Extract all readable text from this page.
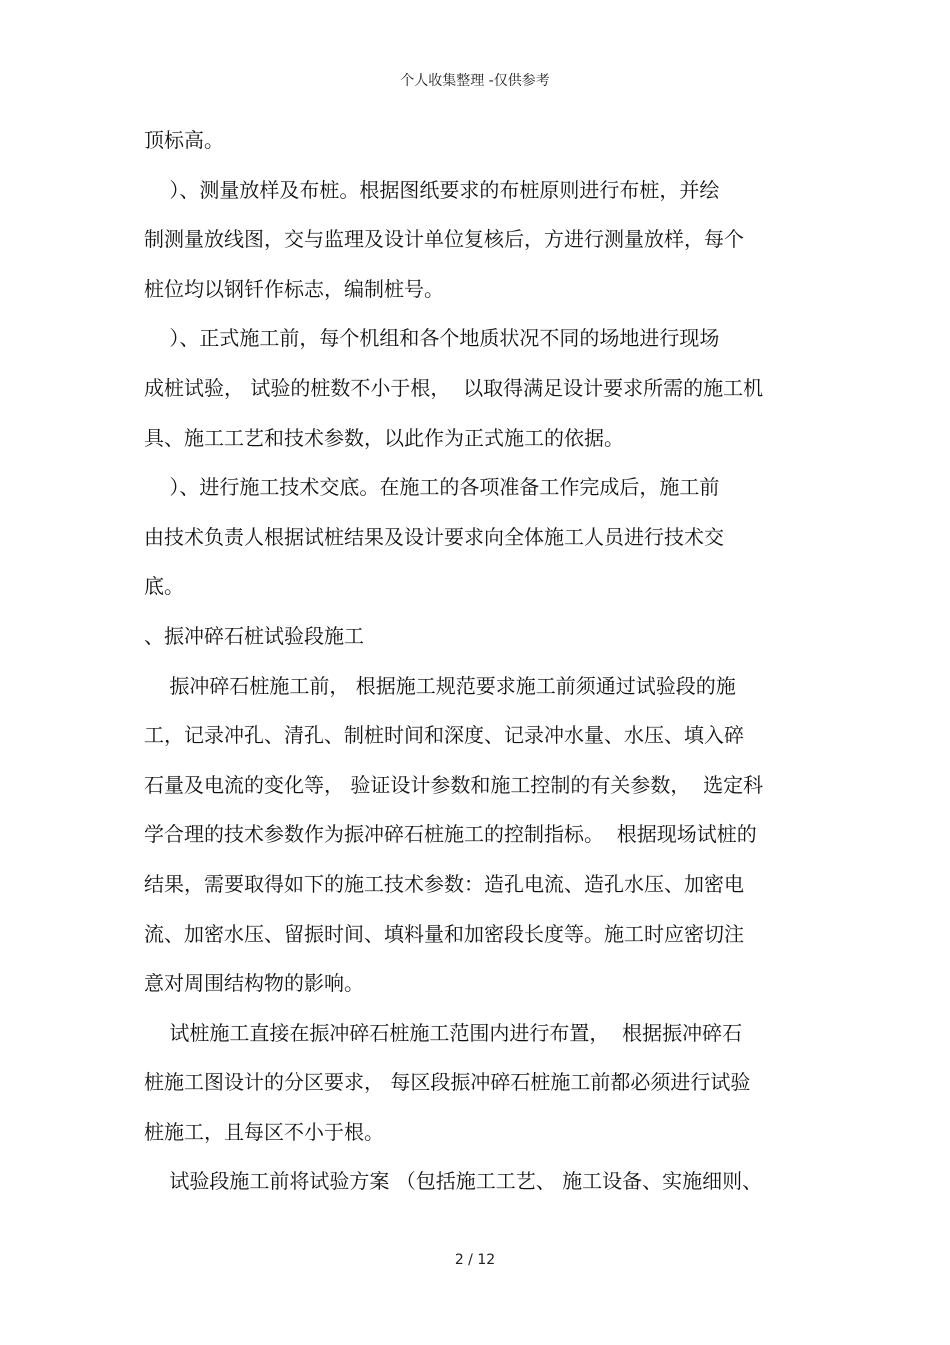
个人收集整理 -仅供参考
顶标高。
）、测量放样及布桩。根据图纸要求的布桩原则进行布桩，并绘
制测量放线图，交与监理及设计单位复核后，方进行测量放样，每个
桩位均以钢钎作标志，编制桩号。
）、正式施工前，每个机组和各个地质状况不同的场地进行现场
成桩试验， 试验的桩数不小于根，  以取得满足设计要求所需的施工机
具、施工工艺和技术参数，以此作为正式施工的依据。
）、进行施工技术交底。在施工的各项准备工作完成后，施工前
由技术负责人根据试桩结果及设计要求向全体施工人员进行技术交
底。
、振冲碎石桩试验段施工
振冲碎石桩施工前， 根据施工规范要求施工前须通过试验段的施
工，记录冲孔、清孔、制桩时间和深度、记录冲水量、水压、填入碎
石量及电流的变化等， 验证设计参数和施工控制的有关参数，  选定科
学合理的技术参数作为振冲碎石桩施工的控制指标。  根据现场试桩的
结果，需要取得如下的施工技术参数：造孔电流、造孔水压、加密电
流、加密水压、留振时间、填料量和加密段长度等。施工时应密切注
意对周围结构物的影响。
试桩施工直接在振冲碎石桩施工范围内进行布置，  根据振冲碎石
桩施工图设计的分区要求， 每区段振冲碎石桩施工前都必须进行试验
桩施工，且每区不小于根。
试验段施工前将试验方案 （包括施工工艺、 施工设备、实施细则、
2 / 12
